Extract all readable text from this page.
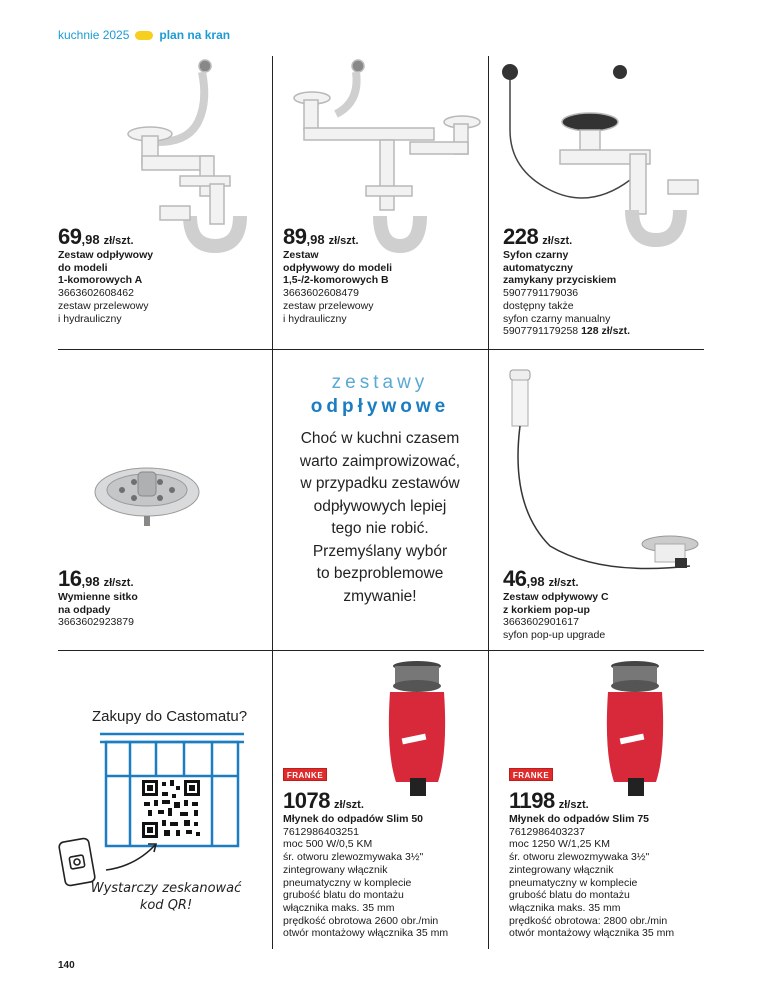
kuchnie 2025	plan na kran
69 ,98 zł/szt.
Zestaw odpływowy
do modeli
1-komorowych A
3663602608462
zestaw przelewowy
i hydrauliczny
89 ,98 zł/szt.
Zestaw
odpływowy do modeli
1,5-/2-komorowych B
3663602608479
zestaw przelewowy
i hydrauliczny
228 zł/szt.
Syfon czarny
automatyczny
zamykany przyciskiem
5907791179036
dostępny także
syfon czarny manualny
5907791179258 128 zł/szt.
16 ,98 zł/szt.
Wymienne sitko
na odpady
3663602923879
zestawy
odpływowe
Choć w kuchni czasem
warto zaimprowizować,
w przypadku zestawów
odpływowych lepiej
tego nie robić.
Przemyślany wybór
to bezproblemowe
zmywanie!
46 ,98 zł/szt.
Zestaw odpływowy C
z korkiem pop-up
3663602901617
syfon pop-up upgrade
Zakupy do Castomatu?
Wystarczy zeskanować
kod QR!
FRANKE
1078 zł/szt.
Młynek do odpadów Slim 50
7612986403251
moc 500 W/0,5 KM
śr. otworu zlewozmywaka 3½"
zintegrowany włącznik
pneumatyczny w komplecie
grubość blatu do montażu
włącznika maks. 35 mm
prędkość obrotowa 2600 obr./min
otwór montażowy włącznika 35 mm
FRANKE
1198 zł/szt.
Młynek do odpadów Slim 75
7612986403237
moc 1250 W/1,25 KM
śr. otworu zlewozmywaka 3½"
zintegrowany włącznik
pneumatyczny w komplecie
grubość blatu do montażu
włącznika maks. 35 mm
prędkość obrotowa: 2800 obr./min
otwór montażowy włącznika 35 mm
140
